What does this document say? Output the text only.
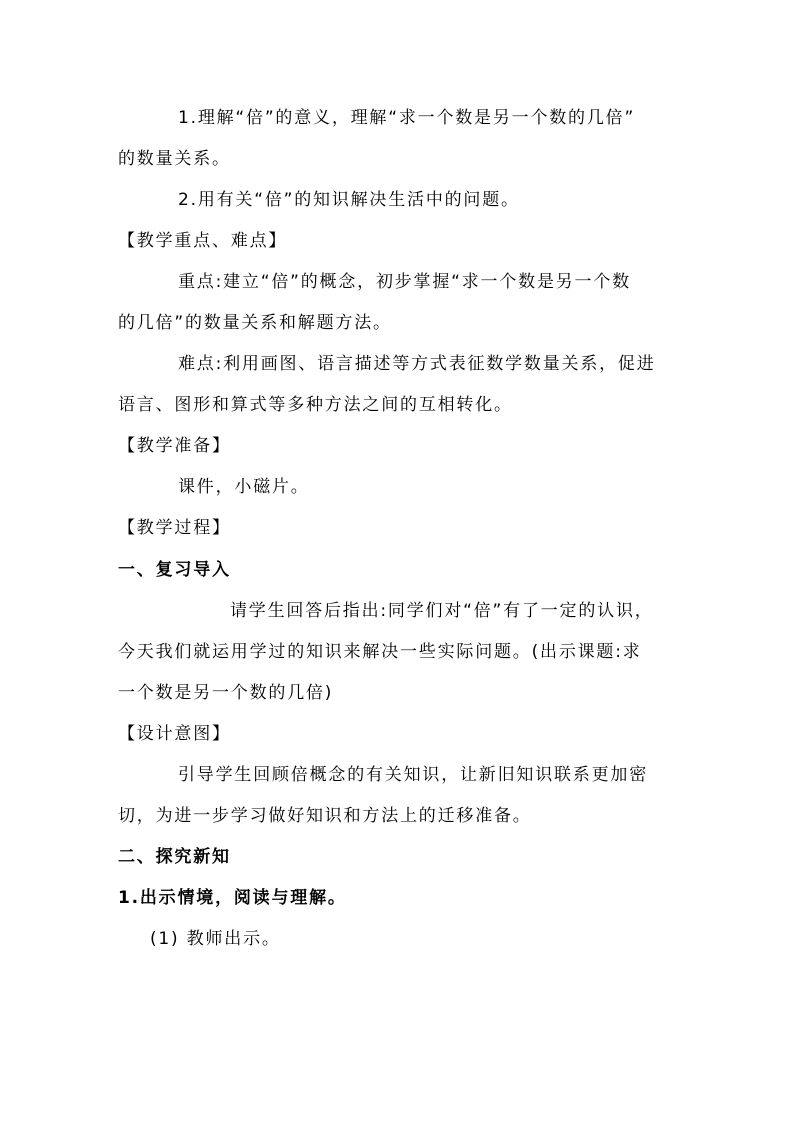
1.理解“倍”的意义，理解“求一个数是另一个数的几倍”
的数量关系。
2.用有关“倍”的知识解决生活中的问题。
【教学重点、难点】
重点:建立“倍”的概念，初步掌握“求一个数是另一个数
的几倍”的数量关系和解题方法。
难点:利用画图、语言描述等方式表征数学数量关系，促进
语言、图形和算式等多种方法之间的互相转化。
【教学准备】
课件，小磁片。
【教学过程】
一、复习导入
请学生回答后指出:同学们对“倍”有了一定的认识，
今天我们就运用学过的知识来解决一些实际问题。(出示课题:求
一个数是另一个数的几倍)
【设计意图】
引导学生回顾倍概念的有关知识，让新旧知识联系更加密
切，为进一步学习做好知识和方法上的迁移准备。
二、探究新知
1.出示情境，阅读与理解。
(1) 教师出示。
